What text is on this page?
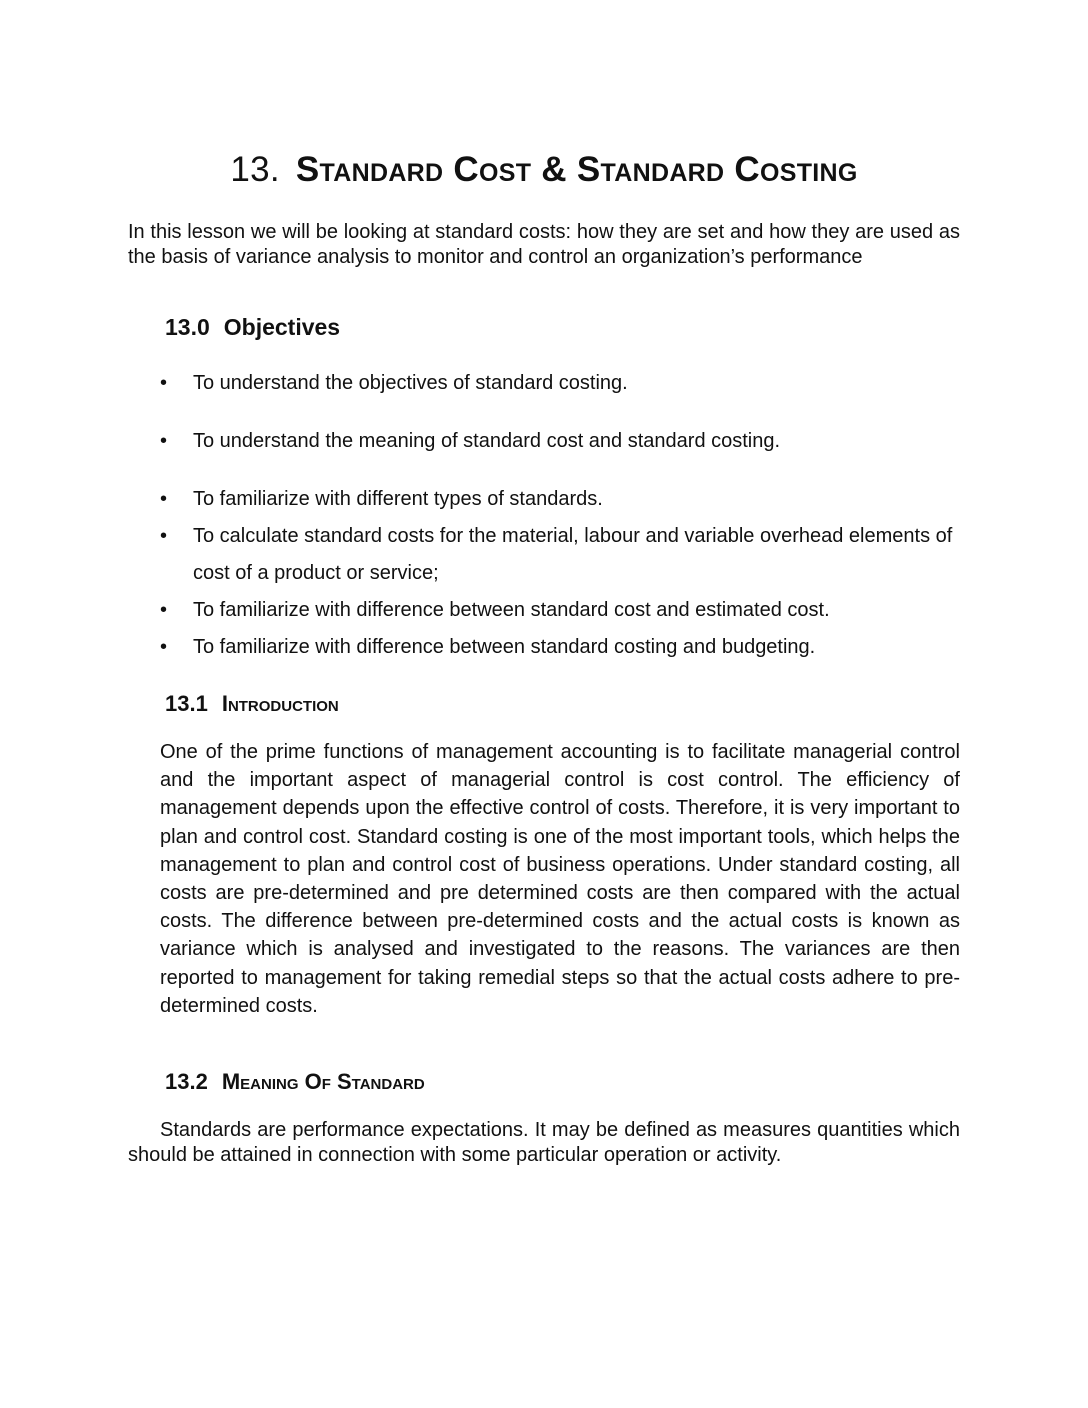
13. Standard Cost & Standard Costing

In this lesson we will be looking at standard costs: how they are set and how they are used as the basis of variance analysis to monitor and control an organization’s performance

13.0 Objectives
• To understand the objectives of standard costing.
• To understand the meaning of standard cost and standard costing.
• To familiarize with different types of standards.
• To calculate standard costs for the material, labour and variable overhead elements of cost of a product or service;
• To familiarize with difference between standard cost and estimated cost.
• To familiarize with difference between standard costing and budgeting.
13.1 Introduction

One of the prime functions of management accounting is to facilitate managerial control and the important aspect of managerial control is cost control. The efficiency of management depends upon the effective control of costs. Therefore, it is very important to plan and control cost. Standard costing is one of the most important tools, which helps the management to plan and control cost of business operations. Under standard costing, all costs are pre-determined and pre determined costs are then compared with the actual costs. The difference between pre-determined costs and the actual costs is known as variance which is analysed and investigated to the reasons. The variances are then reported to management for taking remedial steps so that the actual costs adhere to pre-determined costs.

13.2 Meaning Of Standard

Standards are performance expectations. It may be defined as measures quantities which should be attained in connection with some particular operation or activity.
